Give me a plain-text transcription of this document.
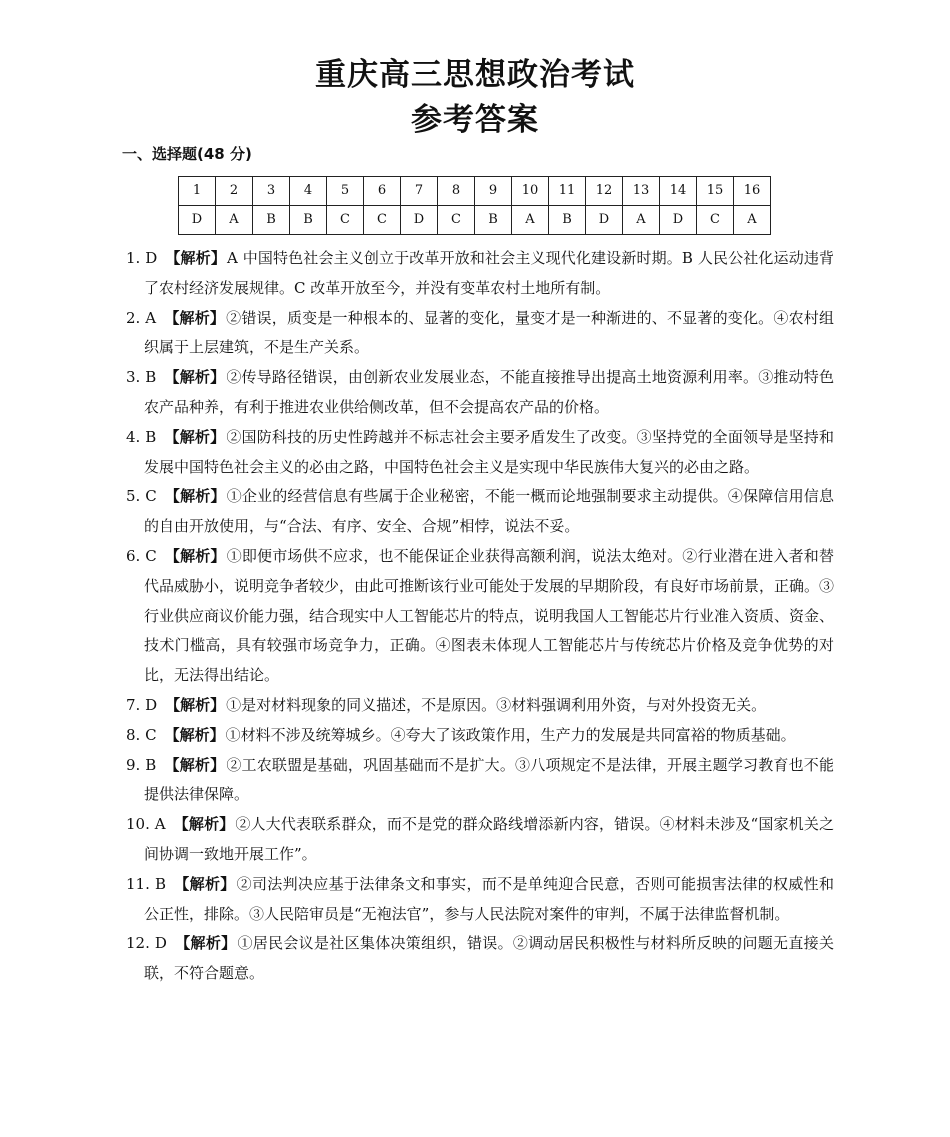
重庆高三思想政治考试
参考答案

一、选择题(48 分)

1	2	3	4	5	6	7	8	9	10	11	12	13	14	15	16
D	A	B	B	C	C	D	C	B	A	B	D	A	D	C	A

1. D 【解析】A 中国特色社会主义创立于改革开放和社会主义现代化建设新时期。B 人民公社化运动违背了农村经济发展规律。C 改革开放至今，并没有变革农村土地所有制。

2. A 【解析】②错误，质变是一种根本的、显著的变化，量变才是一种渐进的、不显著的变化。④农村组织属于上层建筑，不是生产关系。

3. B 【解析】②传导路径错误，由创新农业发展业态，不能直接推导出提高土地资源利用率。③推动特色农产品种养，有利于推进农业供给侧改革，但不会提高农产品的价格。

4. B 【解析】②国防科技的历史性跨越并不标志社会主要矛盾发生了改变。③坚持党的全面领导是坚持和发展中国特色社会主义的必由之路，中国特色社会主义是实现中华民族伟大复兴的必由之路。

5. C 【解析】①企业的经营信息有些属于企业秘密，不能一概而论地强制要求主动提供。④保障信用信息的自由开放使用，与“合法、有序、安全、合规”相悖，说法不妥。

6. C 【解析】①即便市场供不应求，也不能保证企业获得高额利润，说法太绝对。②行业潜在进入者和替代品威胁小，说明竞争者较少，由此可推断该行业可能处于发展的早期阶段，有良好市场前景，正确。③行业供应商议价能力强，结合现实中人工智能芯片的特点，说明我国人工智能芯片行业准入资质、资金、技术门槛高，具有较强市场竞争力，正确。④图表未体现人工智能芯片与传统芯片价格及竞争优势的对比，无法得出结论。

7. D 【解析】①是对材料现象的同义描述，不是原因。③材料强调利用外资，与对外投资无关。

8. C 【解析】①材料不涉及统筹城乡。④夸大了该政策作用，生产力的发展是共同富裕的物质基础。

9. B 【解析】②工农联盟是基础，巩固基础而不是扩大。③八项规定不是法律，开展主题学习教育也不能提供法律保障。

10. A 【解析】②人大代表联系群众，而不是党的群众路线增添新内容，错误。④材料未涉及“国家机关之间协调一致地开展工作”。

11. B 【解析】②司法判决应基于法律条文和事实，而不是单纯迎合民意，否则可能损害法律的权威性和公正性，排除。③人民陪审员是“无袍法官”，参与人民法院对案件的审判，不属于法律监督机制。

12. D 【解析】①居民会议是社区集体决策组织，错误。②调动居民积极性与材料所反映的问题无直接关联，不符合题意。
